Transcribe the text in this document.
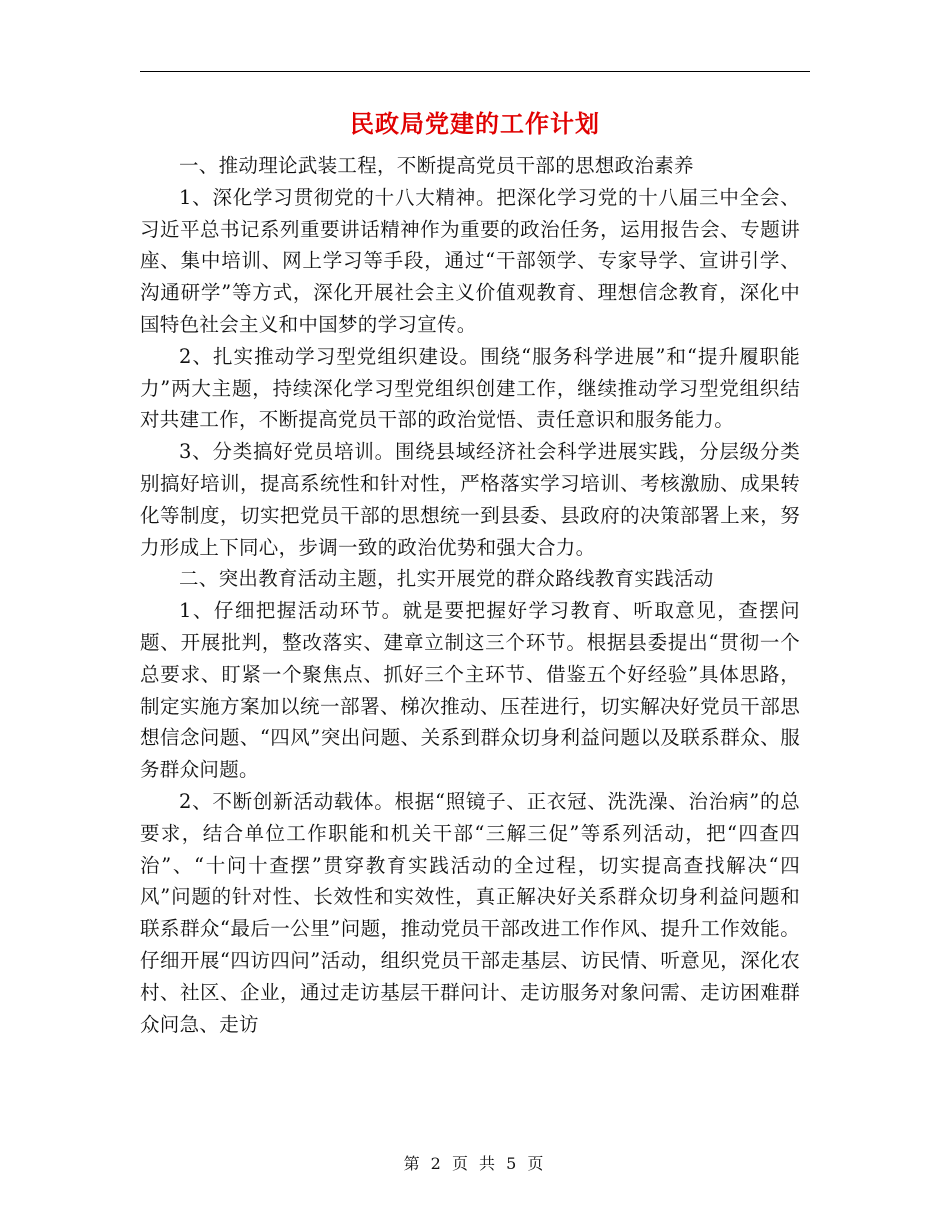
民政局党建的工作计划

一、推动理论武装工程，不断提高党员干部的思想政治素养

1、深化学习贯彻党的十八大精神。把深化学习党的十八届三中全会、习近平总书记系列重要讲话精神作为重要的政治任务，运用报告会、专题讲座、集中培训、网上学习等手段，通过“干部领学、专家导学、宣讲引学、沟通研学”等方式，深化开展社会主义价值观教育、理想信念教育，深化中国特色社会主义和中国梦的学习宣传。

2、扎实推动学习型党组织建设。围绕“服务科学进展”和“提升履职能力”两大主题，持续深化学习型党组织创建工作，继续推动学习型党组织结对共建工作，不断提高党员干部的政治觉悟、责任意识和服务能力。

3、分类搞好党员培训。围绕县域经济社会科学进展实践，分层级分类别搞好培训，提高系统性和针对性，严格落实学习培训、考核激励、成果转化等制度，切实把党员干部的思想统一到县委、县政府的决策部署上来，努力形成上下同心，步调一致的政治优势和强大合力。

二、突出教育活动主题，扎实开展党的群众路线教育实践活动

1、仔细把握活动环节。就是要把握好学习教育、听取意见，查摆问题、开展批判，整改落实、建章立制这三个环节。根据县委提出“贯彻一个总要求、盯紧一个聚焦点、抓好三个主环节、借鉴五个好经验”具体思路，制定实施方案加以统一部署、梯次推动、压茬进行，切实解决好党员干部思想信念问题、“四风”突出问题、关系到群众切身利益问题以及联系群众、服务群众问题。

2、不断创新活动载体。根据“照镜子、正衣冠、洗洗澡、治治病”的总要求，结合单位工作职能和机关干部“三解三促”等系列活动，把“四查四治”、“十问十查摆”贯穿教育实践活动的全过程，切实提高查找解决“四风”问题的针对性、长效性和实效性，真正解决好关系群众切身利益问题和联系群众“最后一公里”问题，推动党员干部改进工作作风、提升工作效能。仔细开展“四访四问”活动，组织党员干部走基层、访民情、听意见，深化农村、社区、企业，通过走访基层干群问计、走访服务对象问需、走访困难群众问急、走访

第 2 页 共 5 页
